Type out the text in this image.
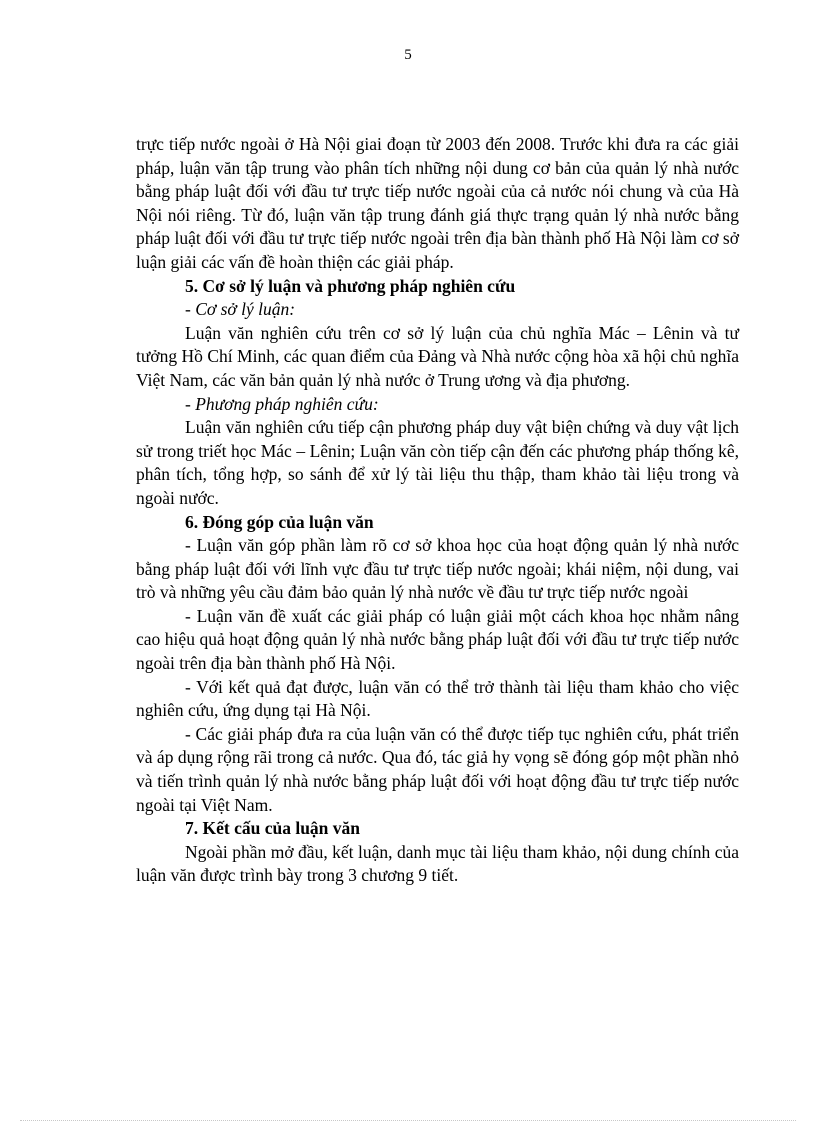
5

trực tiếp nước ngoài ở Hà Nội giai đoạn từ 2003 đến 2008. Trước khi đưa ra các giải pháp, luận văn tập trung vào phân tích những nội dung cơ bản của quản lý nhà nước bằng pháp luật đối với đầu tư trực tiếp nước ngoài của cả nước nói chung và của Hà Nội nói riêng. Từ đó, luận văn tập trung đánh giá thực trạng quản lý nhà nước bằng pháp luật đối với đầu tư trực tiếp nước ngoài trên địa bàn thành phố Hà Nội làm cơ sở luận giải các vấn đề hoàn thiện các giải pháp.

5. Cơ sở lý luận và phương pháp nghiên cứu

- Cơ sở lý luận:

Luận văn nghiên cứu trên cơ sở lý luận của chủ nghĩa Mác – Lênin và tư tưởng Hồ Chí Minh, các quan điểm của Đảng và Nhà nước cộng hòa xã hội chủ nghĩa Việt Nam, các văn bản quản lý nhà nước ở Trung ương và địa phương.

- Phương pháp nghiên cứu:

Luận văn nghiên cứu tiếp cận phương pháp duy vật biện chứng và duy vật lịch sử trong triết học Mác – Lênin; Luận văn còn tiếp cận đến các phương pháp thống kê, phân tích, tổng hợp, so sánh để xử lý tài liệu thu thập, tham khảo tài liệu trong và ngoài nước.

6. Đóng góp của luận văn

- Luận văn góp phần làm rõ cơ sở khoa học của hoạt động quản lý nhà nước bằng pháp luật đối với lĩnh vực đầu tư trực tiếp nước ngoài; khái niệm, nội dung, vai trò và những yêu cầu đảm bảo quản lý nhà nước về đầu tư trực tiếp nước ngoài

- Luận văn đề xuất các giải pháp có luận giải một cách khoa học nhằm nâng cao hiệu quả hoạt động quản lý nhà nước bằng pháp luật đối với đầu tư trực tiếp nước ngoài trên địa bàn thành phố Hà Nội.

- Với kết quả đạt được, luận văn có thể trở thành tài liệu tham khảo cho việc nghiên cứu, ứng dụng tại Hà Nội.

- Các giải pháp đưa ra của luận văn có thể được tiếp tục nghiên cứu, phát triển và áp dụng rộng rãi trong cả nước. Qua đó, tác giả hy vọng sẽ đóng góp một phần nhỏ và tiến trình quản lý nhà nước bằng pháp luật đối với hoạt động đầu tư trực tiếp nước ngoài tại Việt Nam.

7. Kết cấu của luận văn

Ngoài phần mở đầu, kết luận, danh mục tài liệu tham khảo, nội dung chính của luận văn được trình bày trong 3 chương 9 tiết.
